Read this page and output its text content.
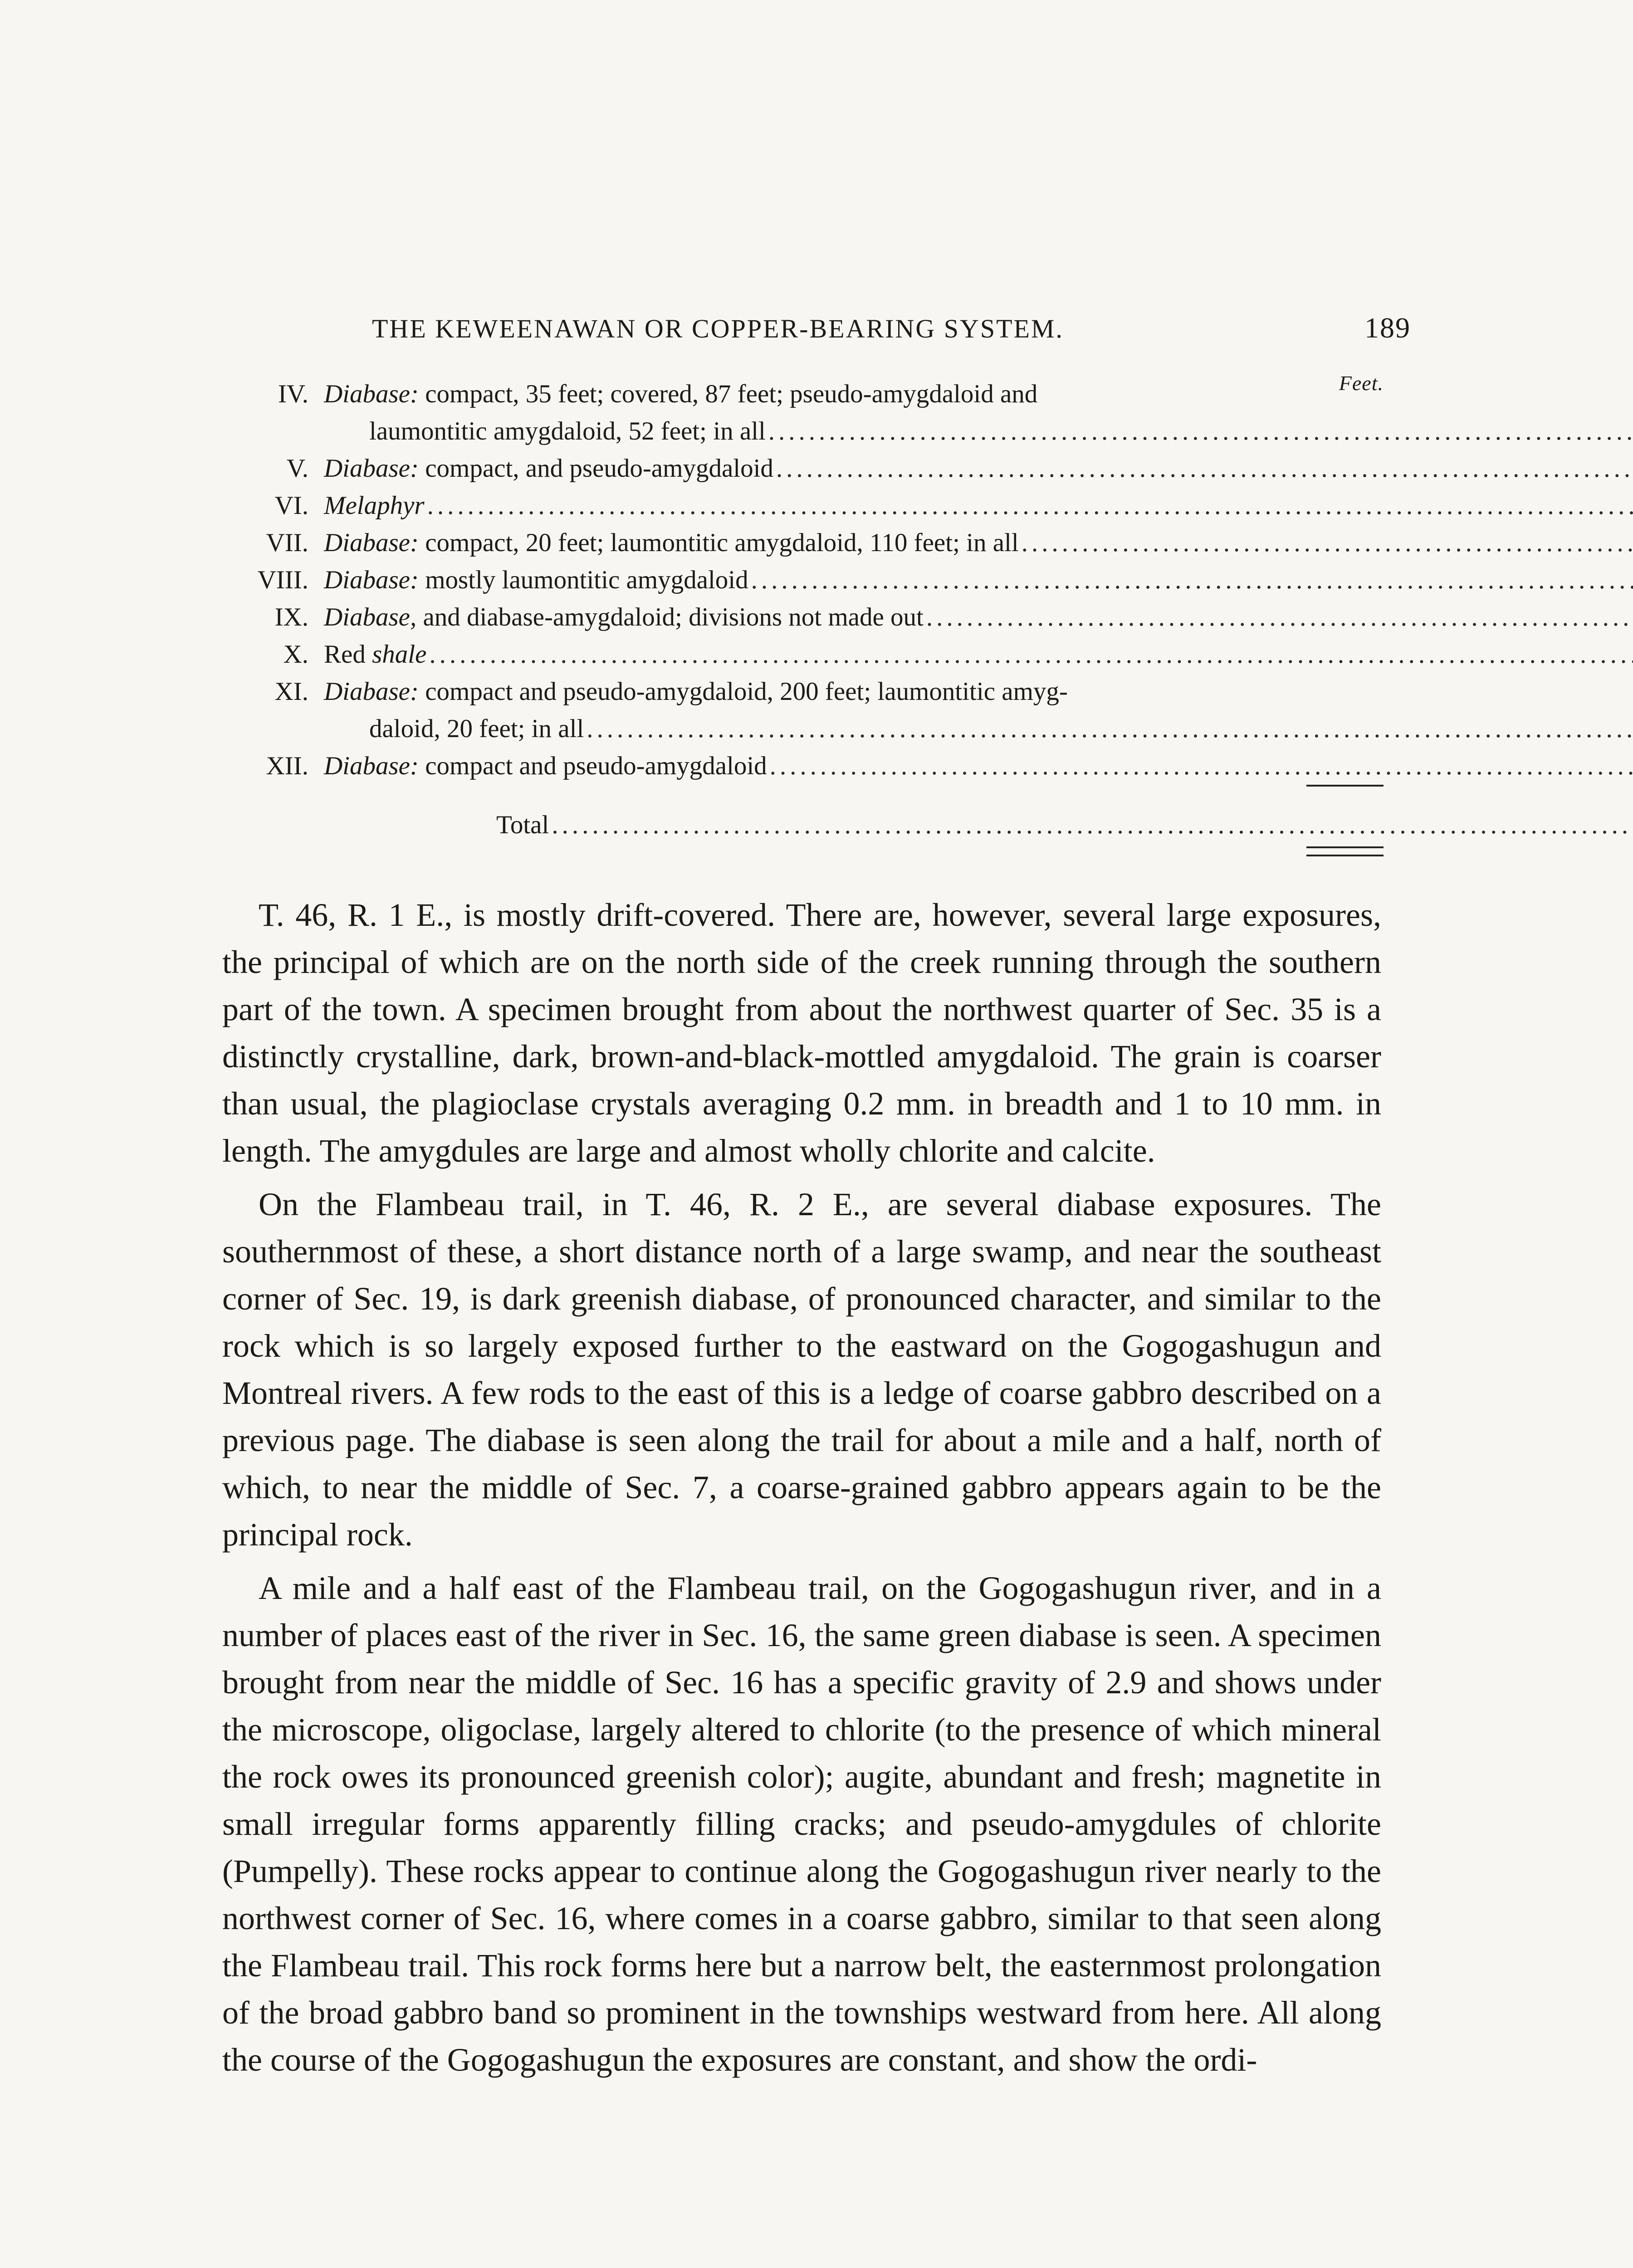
THE KEWEENAWAN OR COPPER-BEARING SYSTEM.	189
Feet.
IV. Diabase: compact, 35 feet; covered, 87 feet; pseudo-amygdaloid and
laumontitic amygdaloid, 52 feet; in all
.....
V. Diabase: compact, and pseudo-amygdaloid
.....
VI. Melaphyr
.....
VII. Diabase: compact, 20 feet; laumontitic amygdaloid, 110 feet; in all
.....
VIII. Diabase: mostly laumontitic amygdaloid
.....
IX. Diabase, and diabase-amygdaloid; divisions not made out
.....
X. Red shale
.....
XI. Diabase: compact and pseudo-amygdaloid, 200 feet; laumontitic amyg-
daloid, 20 feet; in all
.....
XII. Diabase: compact and pseudo-amygdaloid
.....
Total
.....

T. 46, R. 1 E., is mostly drift-covered. There are, however, several large exposures, the principal of which are on the north side of the creek running through the southern part of the town. A specimen brought from about the northwest quarter of Sec. 35 is a distinctly crystalline, dark, brown-and-black-mottled amygdaloid. The grain is coarser than usual, the plagioclase crystals averaging 0.2 mm. in breadth and 1 to 10 mm. in length. The amygdules are large and almost wholly chlorite and calcite.

On the Flambeau trail, in T. 46, R. 2 E., are several diabase exposures. The southernmost of these, a short distance north of a large swamp, and near the southeast corner of Sec. 19, is dark greenish diabase, of pronounced character, and similar to the rock which is so largely exposed further to the eastward on the Gogogashugun and Montreal rivers. A few rods to the east of this is a ledge of coarse gabbro described on a previous page. The diabase is seen along the trail for about a mile and a half, north of which, to near the middle of Sec. 7, a coarse-grained gabbro appears again to be the principal rock.

A mile and a half east of the Flambeau trail, on the Gogogashugun river, and in a number of places east of the river in Sec. 16, the same green diabase is seen. A specimen brought from near the middle of Sec. 16 has a specific gravity of 2.9 and shows under the microscope, oligoclase, largely altered to chlorite (to the presence of which mineral the rock owes its pronounced greenish color); augite, abundant and fresh; magnetite in small irregular forms apparently filling cracks; and pseudo-amygdules of chlorite (Pumpelly). These rocks appear to continue along the Gogogashugun river nearly to the northwest corner of Sec. 16, where comes in a coarse gabbro, similar to that seen along the Flambeau trail. This rock forms here but a narrow belt, the easternmost prolongation of the broad gabbro band so prominent in the townships westward from here. All along the course of the Gogogashugun the exposures are constant, and show the ordi-
